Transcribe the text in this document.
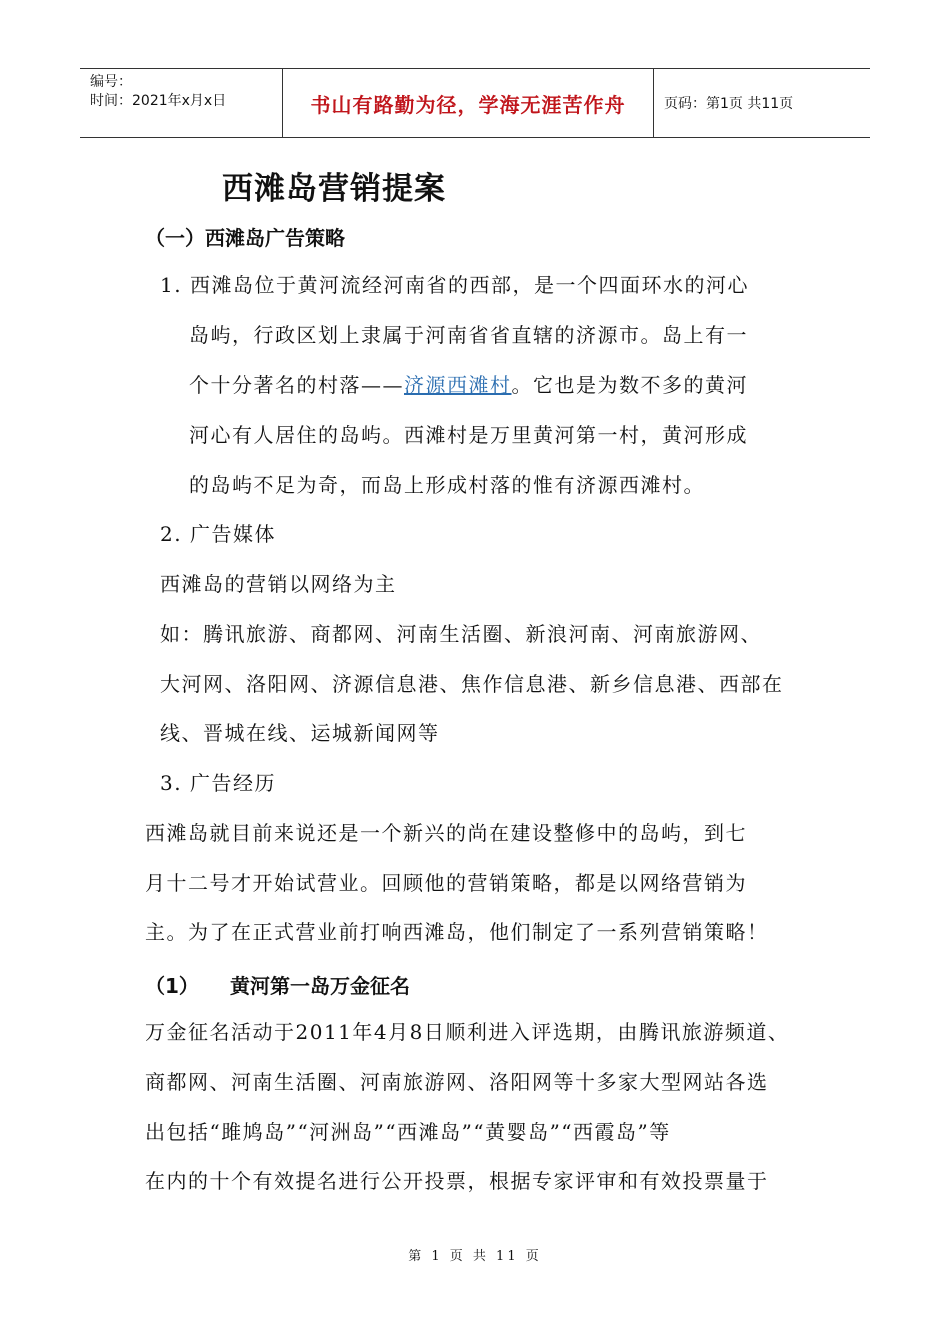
编号：
时间：2021年x月x日	书山有路勤为径，学海无涯苦作舟	页码：第1页 共11页
西滩岛营销提案
（一）西滩岛广告策略
1. 西滩岛位于黄河流经河南省的西部，是一个四面环水的河心
岛屿，行政区划上隶属于河南省省直辖的济源市。岛上有一
个十分著名的村落——济源西滩村。它也是为数不多的黄河
河心有人居住的岛屿。西滩村是万里黄河第一村，黄河形成
的岛屿不足为奇，而岛上形成村落的惟有济源西滩村。
2. 广告媒体
西滩岛的营销以网络为主
如：腾讯旅游、商都网、河南生活圈、新浪河南、河南旅游网、
大河网、洛阳网、济源信息港、焦作信息港、新乡信息港、西部在
线、晋城在线、运城新闻网等
3. 广告经历
西滩岛就目前来说还是一个新兴的尚在建设整修中的岛屿，到七
月十二号才开始试营业。回顾他的营销策略，都是以网络营销为
主。为了在正式营业前打响西滩岛，他们制定了一系列营销策略！
（1） 黄河第一岛万金征名
万金征名活动于2011年4月8日顺利进入评选期，由腾讯旅游频道、
商都网、河南生活圈、河南旅游网、洛阳网等十多家大型网站各选
出包括“雎鸠岛”“河洲岛”“西滩岛”“黄婴岛”“西霞岛”等
在内的十个有效提名进行公开投票，根据专家评审和有效投票量于
第 1 页 共 11 页
